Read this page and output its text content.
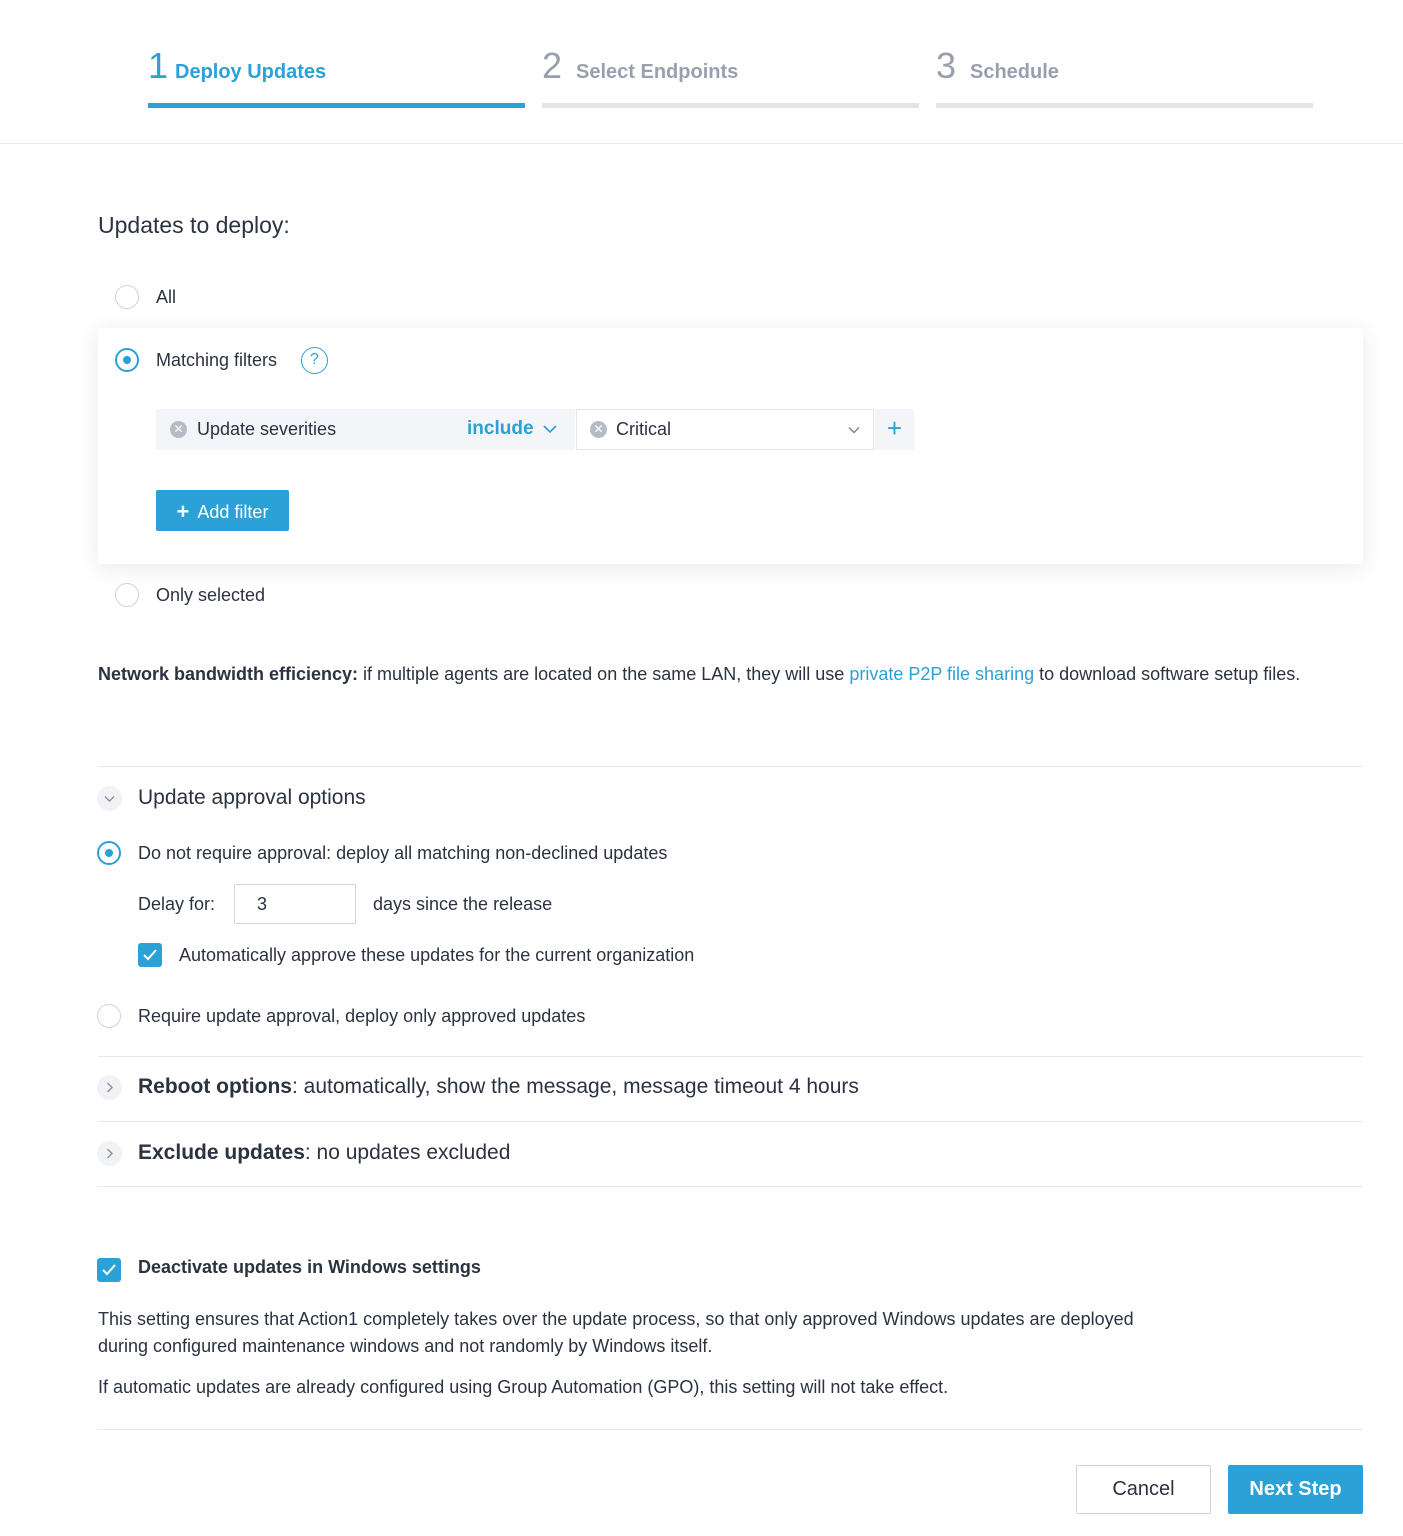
1 Deploy Updates	2 Select Endpoints	3 Schedule
Updates to deploy:
All
Matching filters	?
✕ Update severities	include	✕ Critical	+
+ Add filter
Only selected
Network bandwidth efficiency: if multiple agents are located on the same LAN, they will use private P2P file sharing to download software setup files.
Update approval options
Do not require approval: deploy all matching non-declined updates
Delay for:
3	days since the release
Automatically approve these updates for the current organization
Require update approval, deploy only approved updates
Reboot options: automatically, show the message, message timeout 4 hours
Exclude updates: no updates excluded
Deactivate updates in Windows settings
This setting ensures that Action1 completely takes over the update process, so that only approved Windows updates are deployed during configured maintenance windows and not randomly by Windows itself.
If automatic updates are already configured using Group Automation (GPO), this setting will not take effect.
Cancel	Next Step
